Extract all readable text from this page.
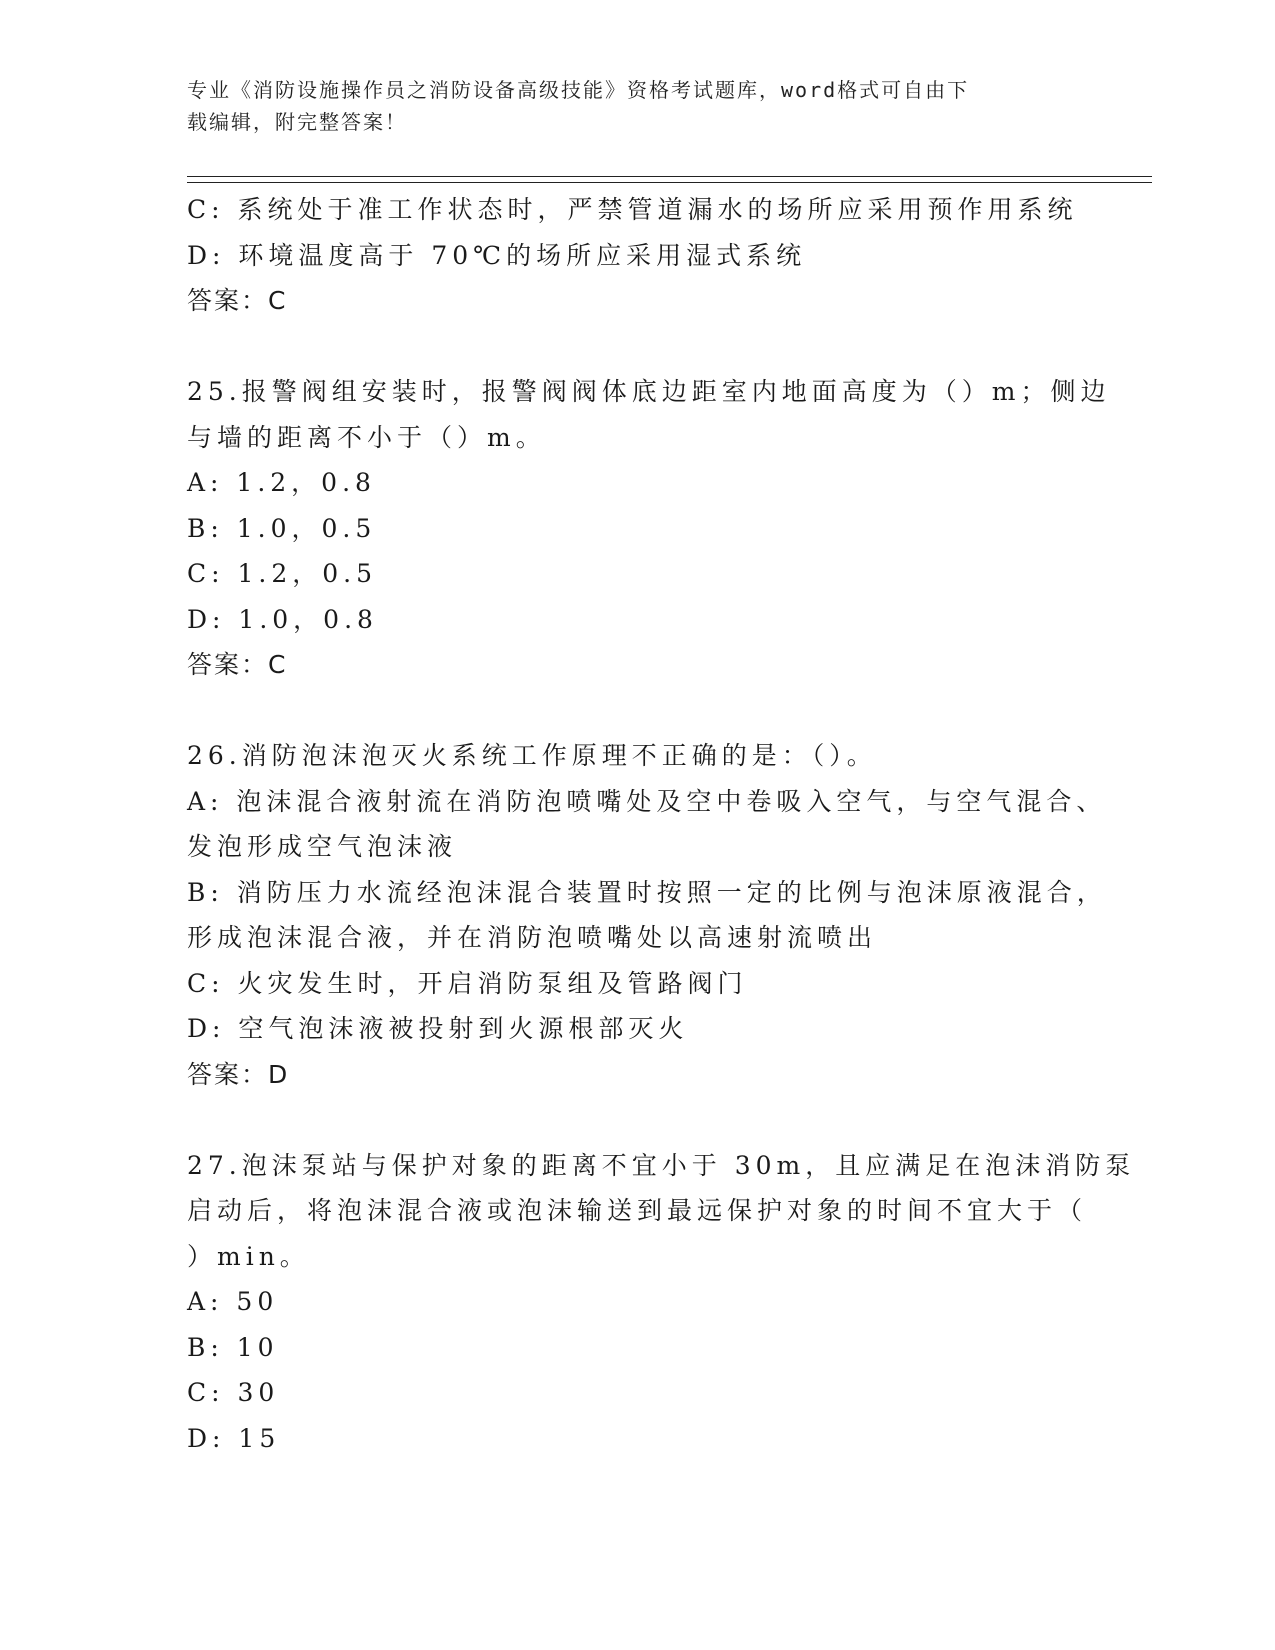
专业《消防设施操作员之消防设备高级技能》资格考试题库，word格式可自由下
载编辑，附完整答案！
C: 系统处于准工作状态时，严禁管道漏水的场所应采用预作用系统
D: 环境温度高于 70℃的场所应采用湿式系统
答案：C
25.报警阀组安装时，报警阀阀体底边距室内地面高度为（）m；侧边
与墙的距离不小于（）m。
A: 1.2，0.8
B: 1.0，0.5
C: 1.2，0.5
D: 1.0，0.8
答案：C
26.消防泡沫泡灭火系统工作原理不正确的是：（）。
A: 泡沫混合液射流在消防泡喷嘴处及空中卷吸入空气，与空气混合、
发泡形成空气泡沫液
B: 消防压力水流经泡沫混合装置时按照一定的比例与泡沫原液混合，
形成泡沫混合液，并在消防泡喷嘴处以高速射流喷出
C: 火灾发生时，开启消防泵组及管路阀门
D: 空气泡沫液被投射到火源根部灭火
答案：D
27.泡沫泵站与保护对象的距离不宜小于 30m，且应满足在泡沫消防泵
启动后，将泡沫混合液或泡沫输送到最远保护对象的时间不宜大于（
）min。
A: 50
B: 10
C: 30
D: 15
